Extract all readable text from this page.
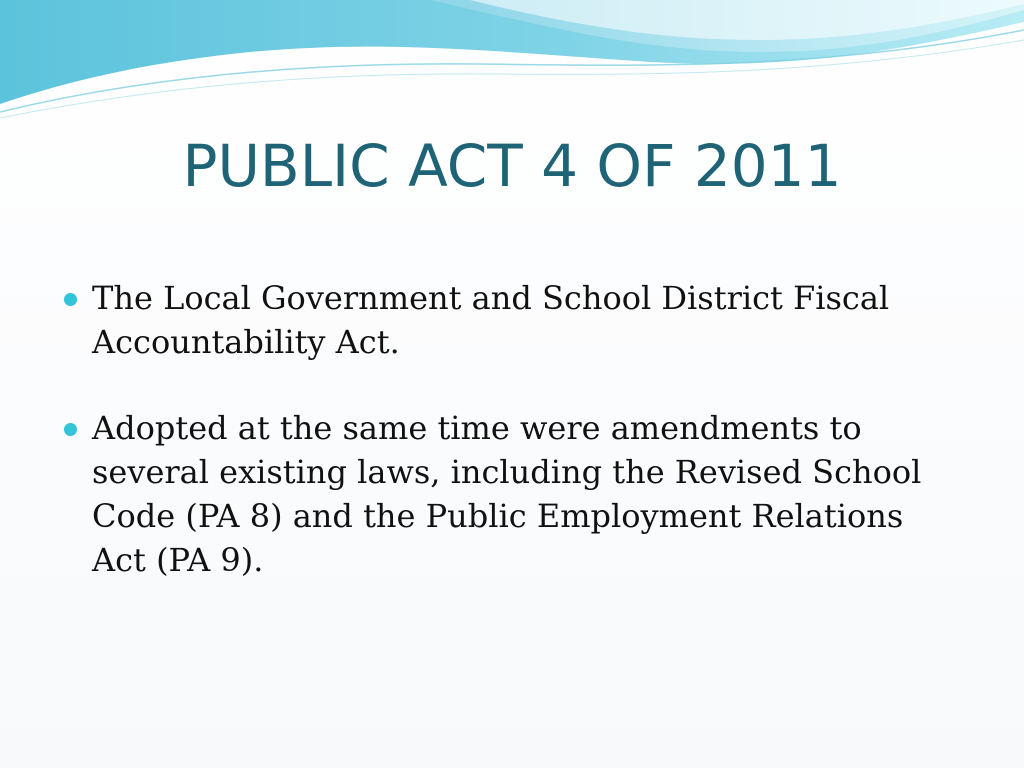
PUBLIC ACT 4 OF 2011
The Local Government and School District Fiscal Accountability Act.
Adopted at the same time were amendments to several existing laws, including the Revised School Code (PA 8) and the Public Employment Relations Act (PA 9).
